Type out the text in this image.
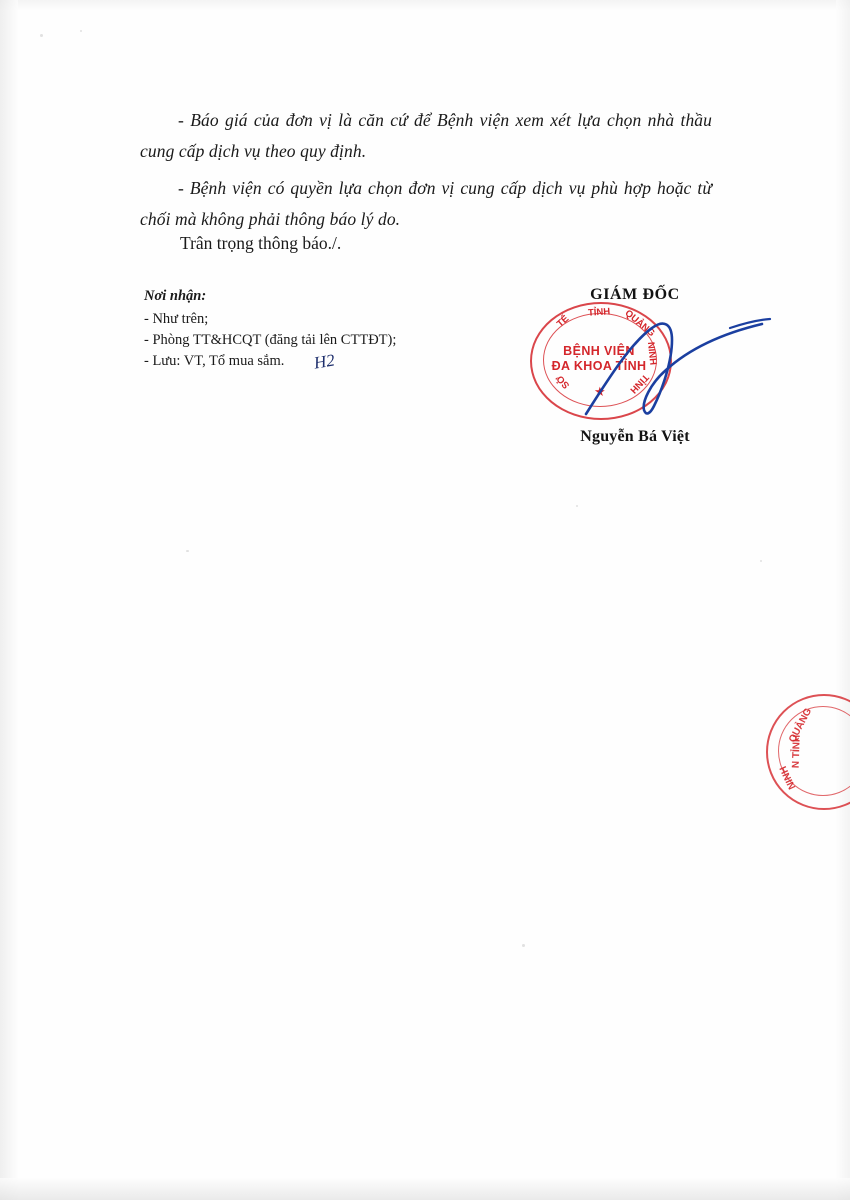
- Báo giá của đơn vị là căn cứ để Bệnh viện xem xét lựa chọn nhà thầu cung cấp dịch vụ theo quy định.

- Bệnh viện có quyền lựa chọn đơn vị cung cấp dịch vụ phù hợp hoặc từ chối mà không phải thông báo lý do.

Trân trọng thông báo./.
Nơi nhận:
- Như trên;
- Phòng TT&HCQT (đăng tải lên CTTĐT);
- Lưu: VT, Tổ mua sắm.	H2
GIÁM ĐỐC
Nguyễn Bá Việt
TẾ
TỈNH QUẢNG
NINH
TỈNH
SỞ
BỆNH VIỆN
ĐA KHOA TỈNH
★
QUẢNG
N TỈNH
NINH
